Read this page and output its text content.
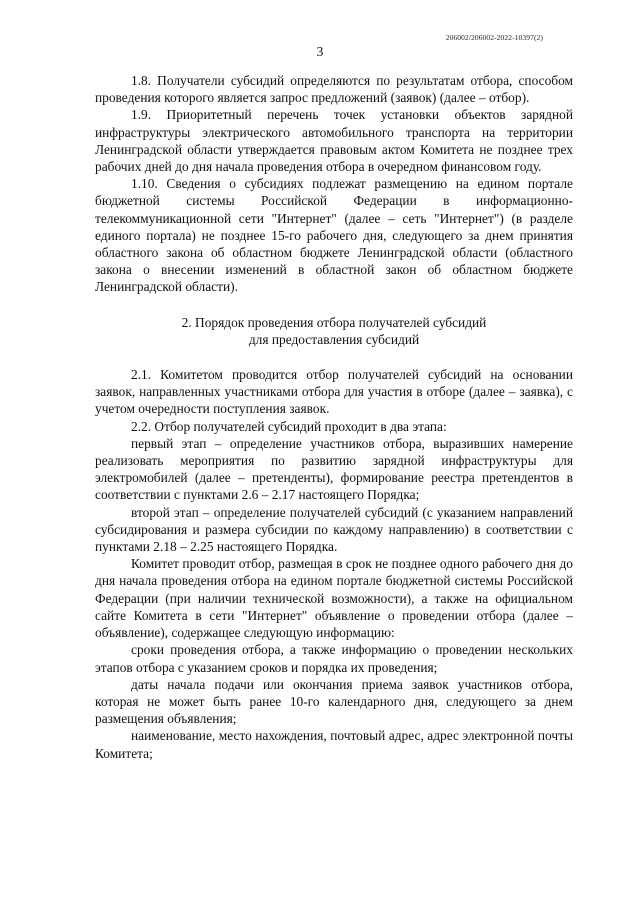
206002/206002-2022-10397(2)
3

1.8. Получатели субсидий определяются по результатам отбора, способом проведения которого является запрос предложений (заявок) (далее – отбор).

1.9. Приоритетный перечень точек установки объектов зарядной инфраструктуры электрического автомобильного транспорта на территории Ленинградской области утверждается правовым актом Комитета не позднее трех рабочих дней до дня начала проведения отбора в очередном финансовом году.

1.10. Сведения о субсидиях подлежат размещению на едином портале бюджетной системы Российской Федерации в информационно-телекоммуникационной сети "Интернет" (далее – сеть "Интернет") (в разделе единого портала) не позднее 15-го рабочего дня, следующего за днем принятия областного закона об областном бюджете Ленинградской области (областного закона о внесении изменений в областной закон об областном бюджете Ленинградской области).

2. Порядок проведения отбора получателей субсидий
для предоставления субсидий

2.1. Комитетом проводится отбор получателей субсидий на основании заявок, направленных участниками отбора для участия в отборе (далее – заявка), с учетом очередности поступления заявок.

2.2. Отбор получателей субсидий проходит в два этапа:

первый этап – определение участников отбора, выразивших намерение реализовать мероприятия по развитию зарядной инфраструктуры для электромобилей (далее – претенденты), формирование реестра претендентов в соответствии с пунктами 2.6 – 2.17 настоящего Порядка;

второй этап – определение получателей субсидий (с указанием направлений субсидирования и размера субсидии по каждому направлению) в соответствии с пунктами 2.18 – 2.25 настоящего Порядка.

Комитет проводит отбор, размещая в срок не позднее одного рабочего дня до дня начала проведения отбора на едином портале бюджетной системы Российской Федерации (при наличии технической возможности), а также на официальном сайте Комитета в сети "Интернет" объявление о проведении отбора (далее – объявление), содержащее следующую информацию:

сроки проведения отбора, а также информацию о проведении нескольких этапов отбора с указанием сроков и порядка их проведения;

даты начала подачи или окончания приема заявок участников отбора, которая не может быть ранее 10-го календарного дня, следующего за днем размещения объявления;

наименование, место нахождения, почтовый адрес, адрес электронной почты Комитета;
